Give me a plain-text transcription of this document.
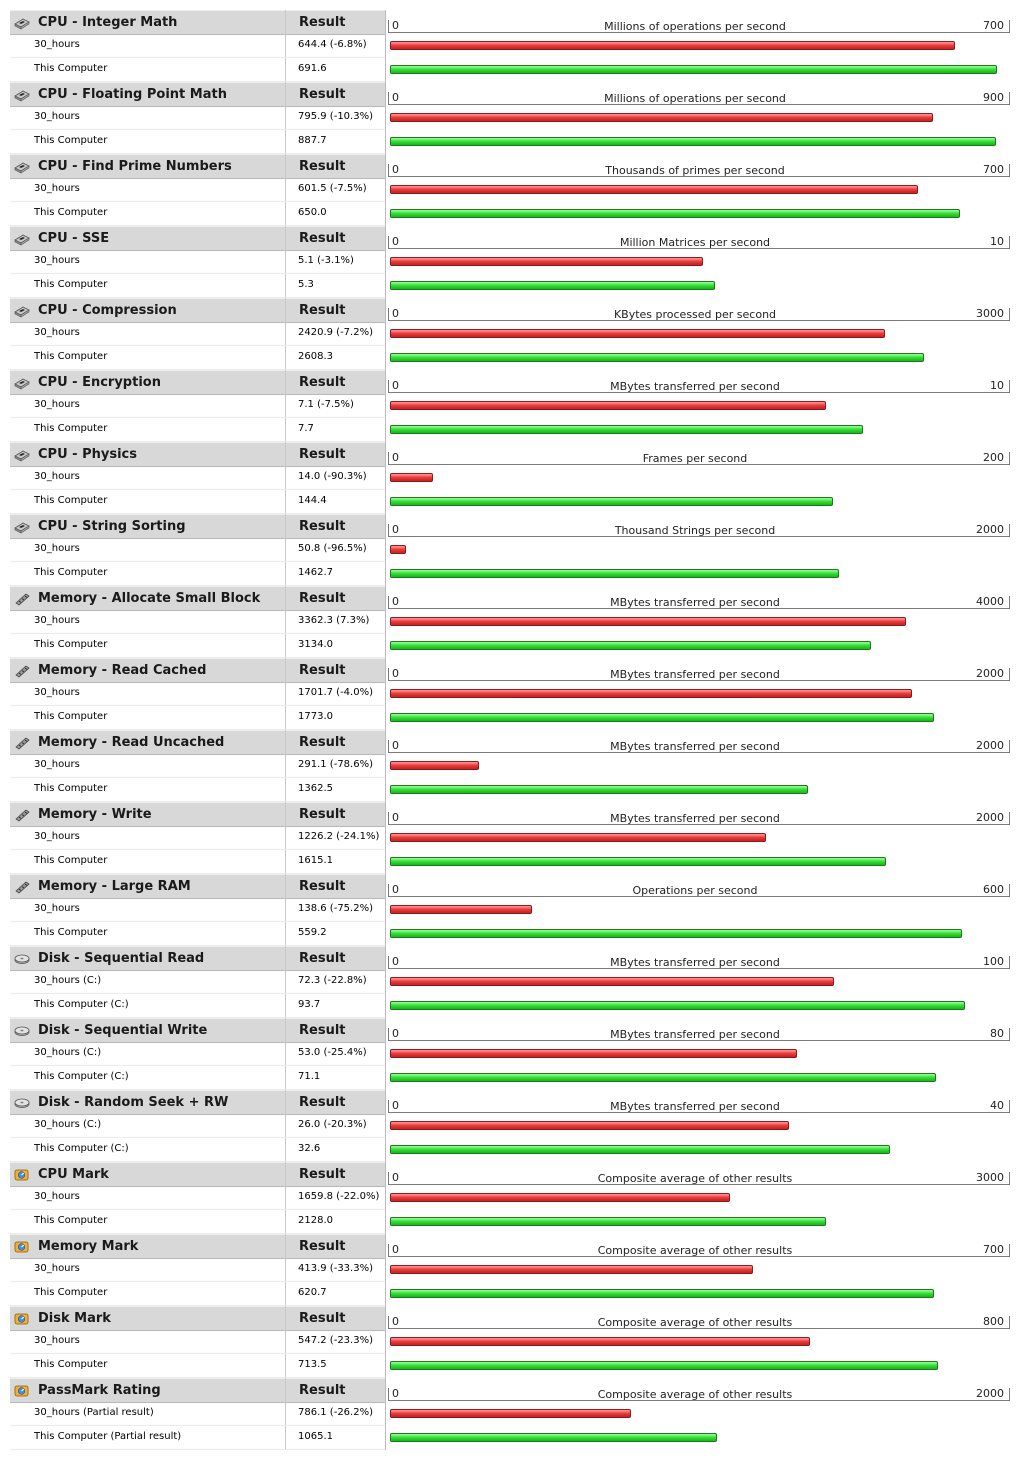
CPU - Integer Math	Result	0	Millions of operations per second	700
30_hours	644.4 (-6.8%)
This Computer	691.6
CPU - Floating Point Math	Result	0	Millions of operations per second	900
30_hours	795.9 (-10.3%)
This Computer	887.7
CPU - Find Prime Numbers	Result	0	Thousands of primes per second	700
30_hours	601.5 (-7.5%)
This Computer	650.0
CPU - SSE	Result	0	Million Matrices per second	10
30_hours	5.1 (-3.1%)
This Computer	5.3
CPU - Compression	Result	0	KBytes processed per second	3000
30_hours	2420.9 (-7.2%)
This Computer	2608.3
CPU - Encryption	Result	0	MBytes transferred per second	10
30_hours	7.1 (-7.5%)
This Computer	7.7
CPU - Physics	Result	0	Frames per second	200
30_hours	14.0 (-90.3%)
This Computer	144.4
CPU - String Sorting	Result	0	Thousand Strings per second	2000
30_hours	50.8 (-96.5%)
This Computer	1462.7
Memory - Allocate Small Block	Result	0	MBytes transferred per second	4000
30_hours	3362.3 (7.3%)
This Computer	3134.0
Memory - Read Cached	Result	0	MBytes transferred per second	2000
30_hours	1701.7 (-4.0%)
This Computer	1773.0
Memory - Read Uncached	Result	0	MBytes transferred per second	2000
30_hours	291.1 (-78.6%)
This Computer	1362.5
Memory - Write	Result	0	MBytes transferred per second	2000
30_hours	1226.2 (-24.1%)
This Computer	1615.1
Memory - Large RAM	Result	0	Operations per second	600
30_hours	138.6 (-75.2%)
This Computer	559.2
Disk - Sequential Read	Result	0	MBytes transferred per second	100
30_hours (C:)	72.3 (-22.8%)
This Computer (C:)	93.7
Disk - Sequential Write	Result	0	MBytes transferred per second	80
30_hours (C:)	53.0 (-25.4%)
This Computer (C:)	71.1
Disk - Random Seek + RW	Result	0	MBytes transferred per second	40
30_hours (C:)	26.0 (-20.3%)
This Computer (C:)	32.6
CPU Mark	Result	0	Composite average of other results	3000
30_hours	1659.8 (-22.0%)
This Computer	2128.0
Memory Mark	Result	0	Composite average of other results	700
30_hours	413.9 (-33.3%)
This Computer	620.7
Disk Mark	Result	0	Composite average of other results	800
30_hours	547.2 (-23.3%)
This Computer	713.5
PassMark Rating	Result	0	Composite average of other results	2000
30_hours (Partial result)	786.1 (-26.2%)
This Computer (Partial result)	1065.1
